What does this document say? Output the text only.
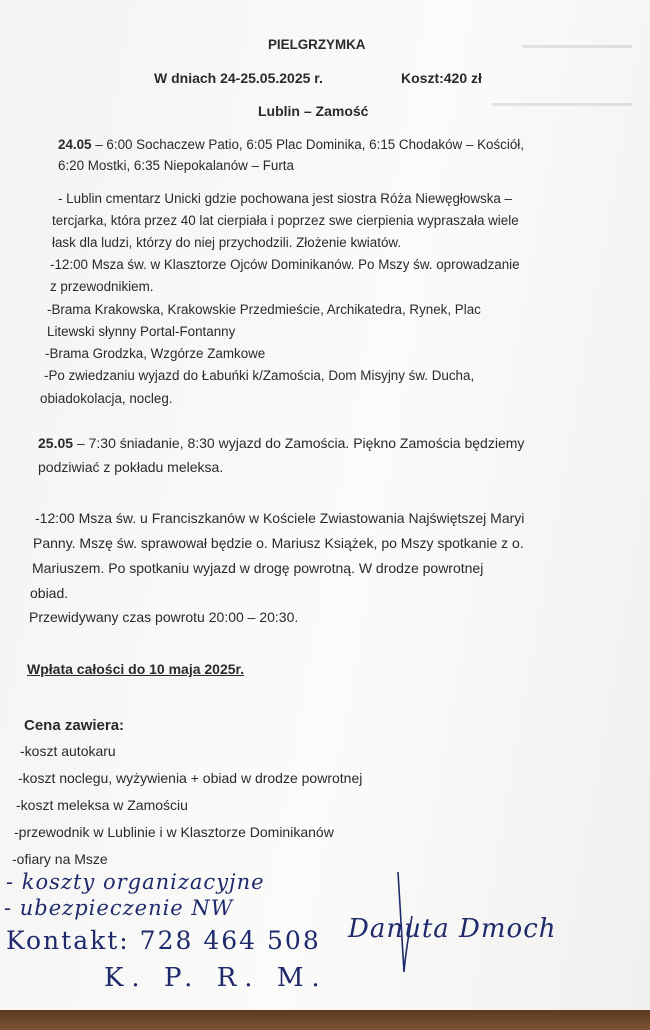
▬▬▬▬▬▬▬▬▬▬▬
▬▬▬▬▬▬▬▬▬▬▬▬▬▬
PIELGRZYMKA
W dniach 24-25.05.2025 r.	Koszt:420 zł
Lublin – Zamość
24.05 – 6:00 Sochaczew Patio, 6:05 Plac Dominika, 6:15 Chodaków – Kościół,
6:20 Mostki, 6:35 Niepokalanów – Furta
- Lublin cmentarz Unicki gdzie pochowana jest siostra Róża Niewęgłowska –
tercjarka, która przez 40 lat cierpiała i poprzez swe cierpienia wypraszała wiele
łask dla ludzi, którzy do niej przychodzili. Złożenie kwiatów.
-12:00 Msza św. w Klasztorze Ojców Dominikanów. Po Mszy św. oprowadzanie
z przewodnikiem.
-Brama Krakowska, Krakowskie Przedmieście, Archikatedra, Rynek, Plac
Litewski słynny Portal-Fontanny
-Brama Grodzka, Wzgórze Zamkowe
-Po zwiedzaniu wyjazd do Łabuńki k/Zamościa, Dom Misyjny św. Ducha,
obiadokolacja, nocleg.
25.05 – 7:30 śniadanie, 8:30 wyjazd do Zamościa. Piękno Zamościa będziemy
podziwiać z pokładu meleksa.
-12:00 Msza św. u Franciszkanów w Kościele Zwiastowania Najświętszej Maryi
Panny. Mszę św. sprawował będzie o. Mariusz Książek, po Mszy spotkanie z o.
Mariuszem. Po spotkaniu wyjazd w drogę powrotną. W drodze powrotnej
obiad.
Przewidywany czas powrotu 20:00 – 20:30.
Wpłata całości do 10 maja 2025r.
Cena zawiera:
-koszt autokaru
-koszt noclegu, wyżywienia + obiad w drodze powrotnej
-koszt meleksa w Zamościu
-przewodnik w Lublinie i w Klasztorze Dominikanów
-ofiary na Msze
- koszty organizacyjne
- ubezpieczenie NW
Kontakt: 728 464 508 Danuta Dmoch
K. P. R. M.
